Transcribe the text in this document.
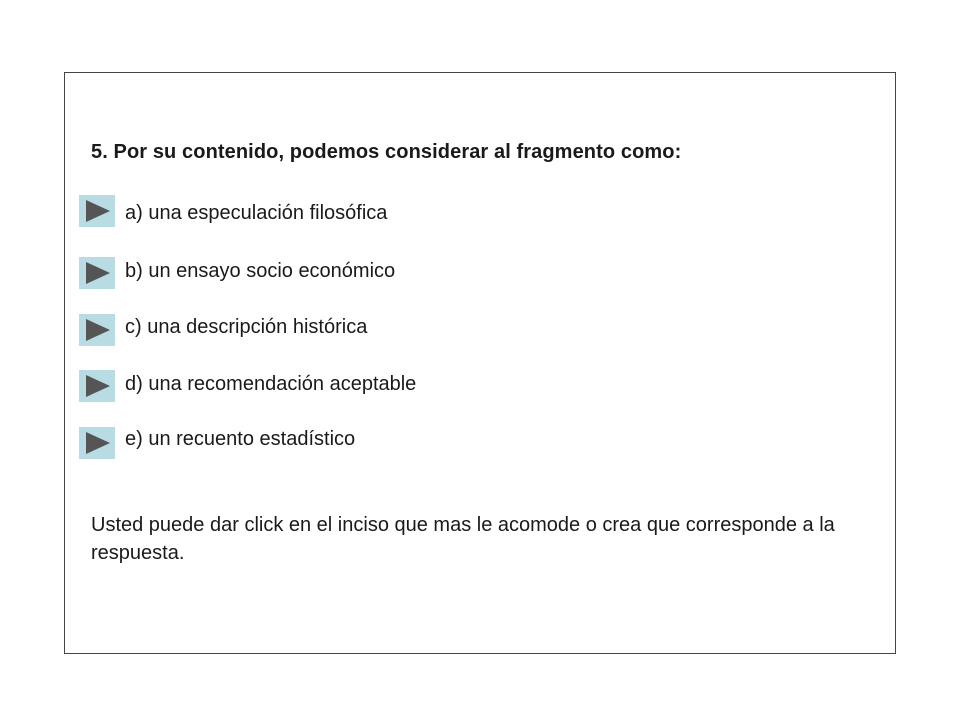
5. Por su contenido, podemos considerar al fragmento como:
a) una especulación filosófica
b) un ensayo socio económico
c) una descripción histórica
d) una recomendación aceptable
e) un recuento estadístico
Usted puede dar click en el inciso que mas le acomode o crea que corresponde a la respuesta.
